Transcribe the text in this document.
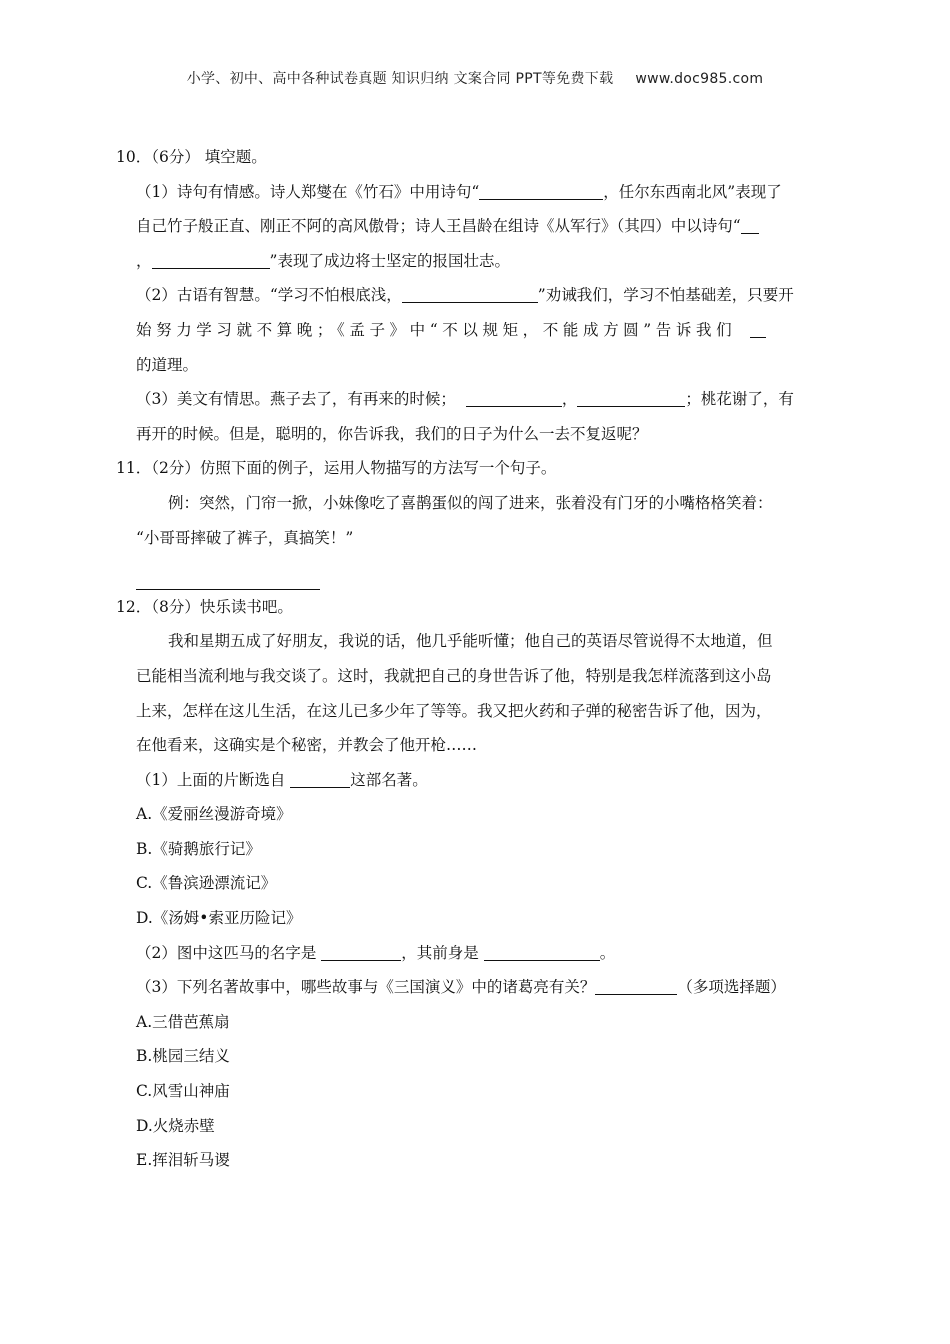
小学、初中、高中各种试卷真题 知识归纳 文案合同 PPT等免费下载 www.doc985.com
10．（6分） 填空题。
（1）诗句有情感。诗人郑燮在《竹石》中用诗句“	，任尔东西南北风”表现了
自己竹子般正直、刚正不阿的高风傲骨；诗人王昌龄在组诗《从军行》（其四）中以诗句“
，	”表现了成边将士坚定的报国壮志。
（2）古语有智慧。“学习不怕根底浅，	”劝诫我们，学习不怕基础差，只要开
始努力学习就不算晚；《孟子》中“不以规矩，不能成方圆”告诉我们
的道理。
（3）美文有情思。燕子去了，有再来的时候；	，	；桃花谢了，有
再开的时候。但是，聪明的，你告诉我，我们的日子为什么一去不复返呢？
11．（2分）仿照下面的例子，运用人物描写的方法写一个句子。
例：突然，门帘一掀，小妹像吃了喜鹊蛋似的闯了进来，张着没有门牙的小嘴格格笑着：
“小哥哥摔破了裤子，真搞笑！”
12．（8分）快乐读书吧。
我和星期五成了好朋友，我说的话，他几乎能听懂；他自己的英语尽管说得不太地道，但
已能相当流利地与我交谈了。这时，我就把自己的身世告诉了他，特别是我怎样流落到这小岛
上来，怎样在这儿生活，在这儿已多少年了等等。我又把火药和子弹的秘密告诉了他，因为，
在他看来，这确实是个秘密，并教会了他开枪……
（1）上面的片断选自	这部名著。
A.《爱丽丝漫游奇境》
B.《骑鹅旅行记》
C.《鲁滨逊漂流记》
D.《汤姆•索亚历险记》
（2）图中这匹马的名字是	，其前身是	。
（3）下列名著故事中，哪些故事与《三国演义》中的诸葛亮有关？	（多项选择题）
A.三借芭蕉扇
B.桃园三结义
C.风雪山神庙
D.火烧赤壁
E.挥泪斩马谡
